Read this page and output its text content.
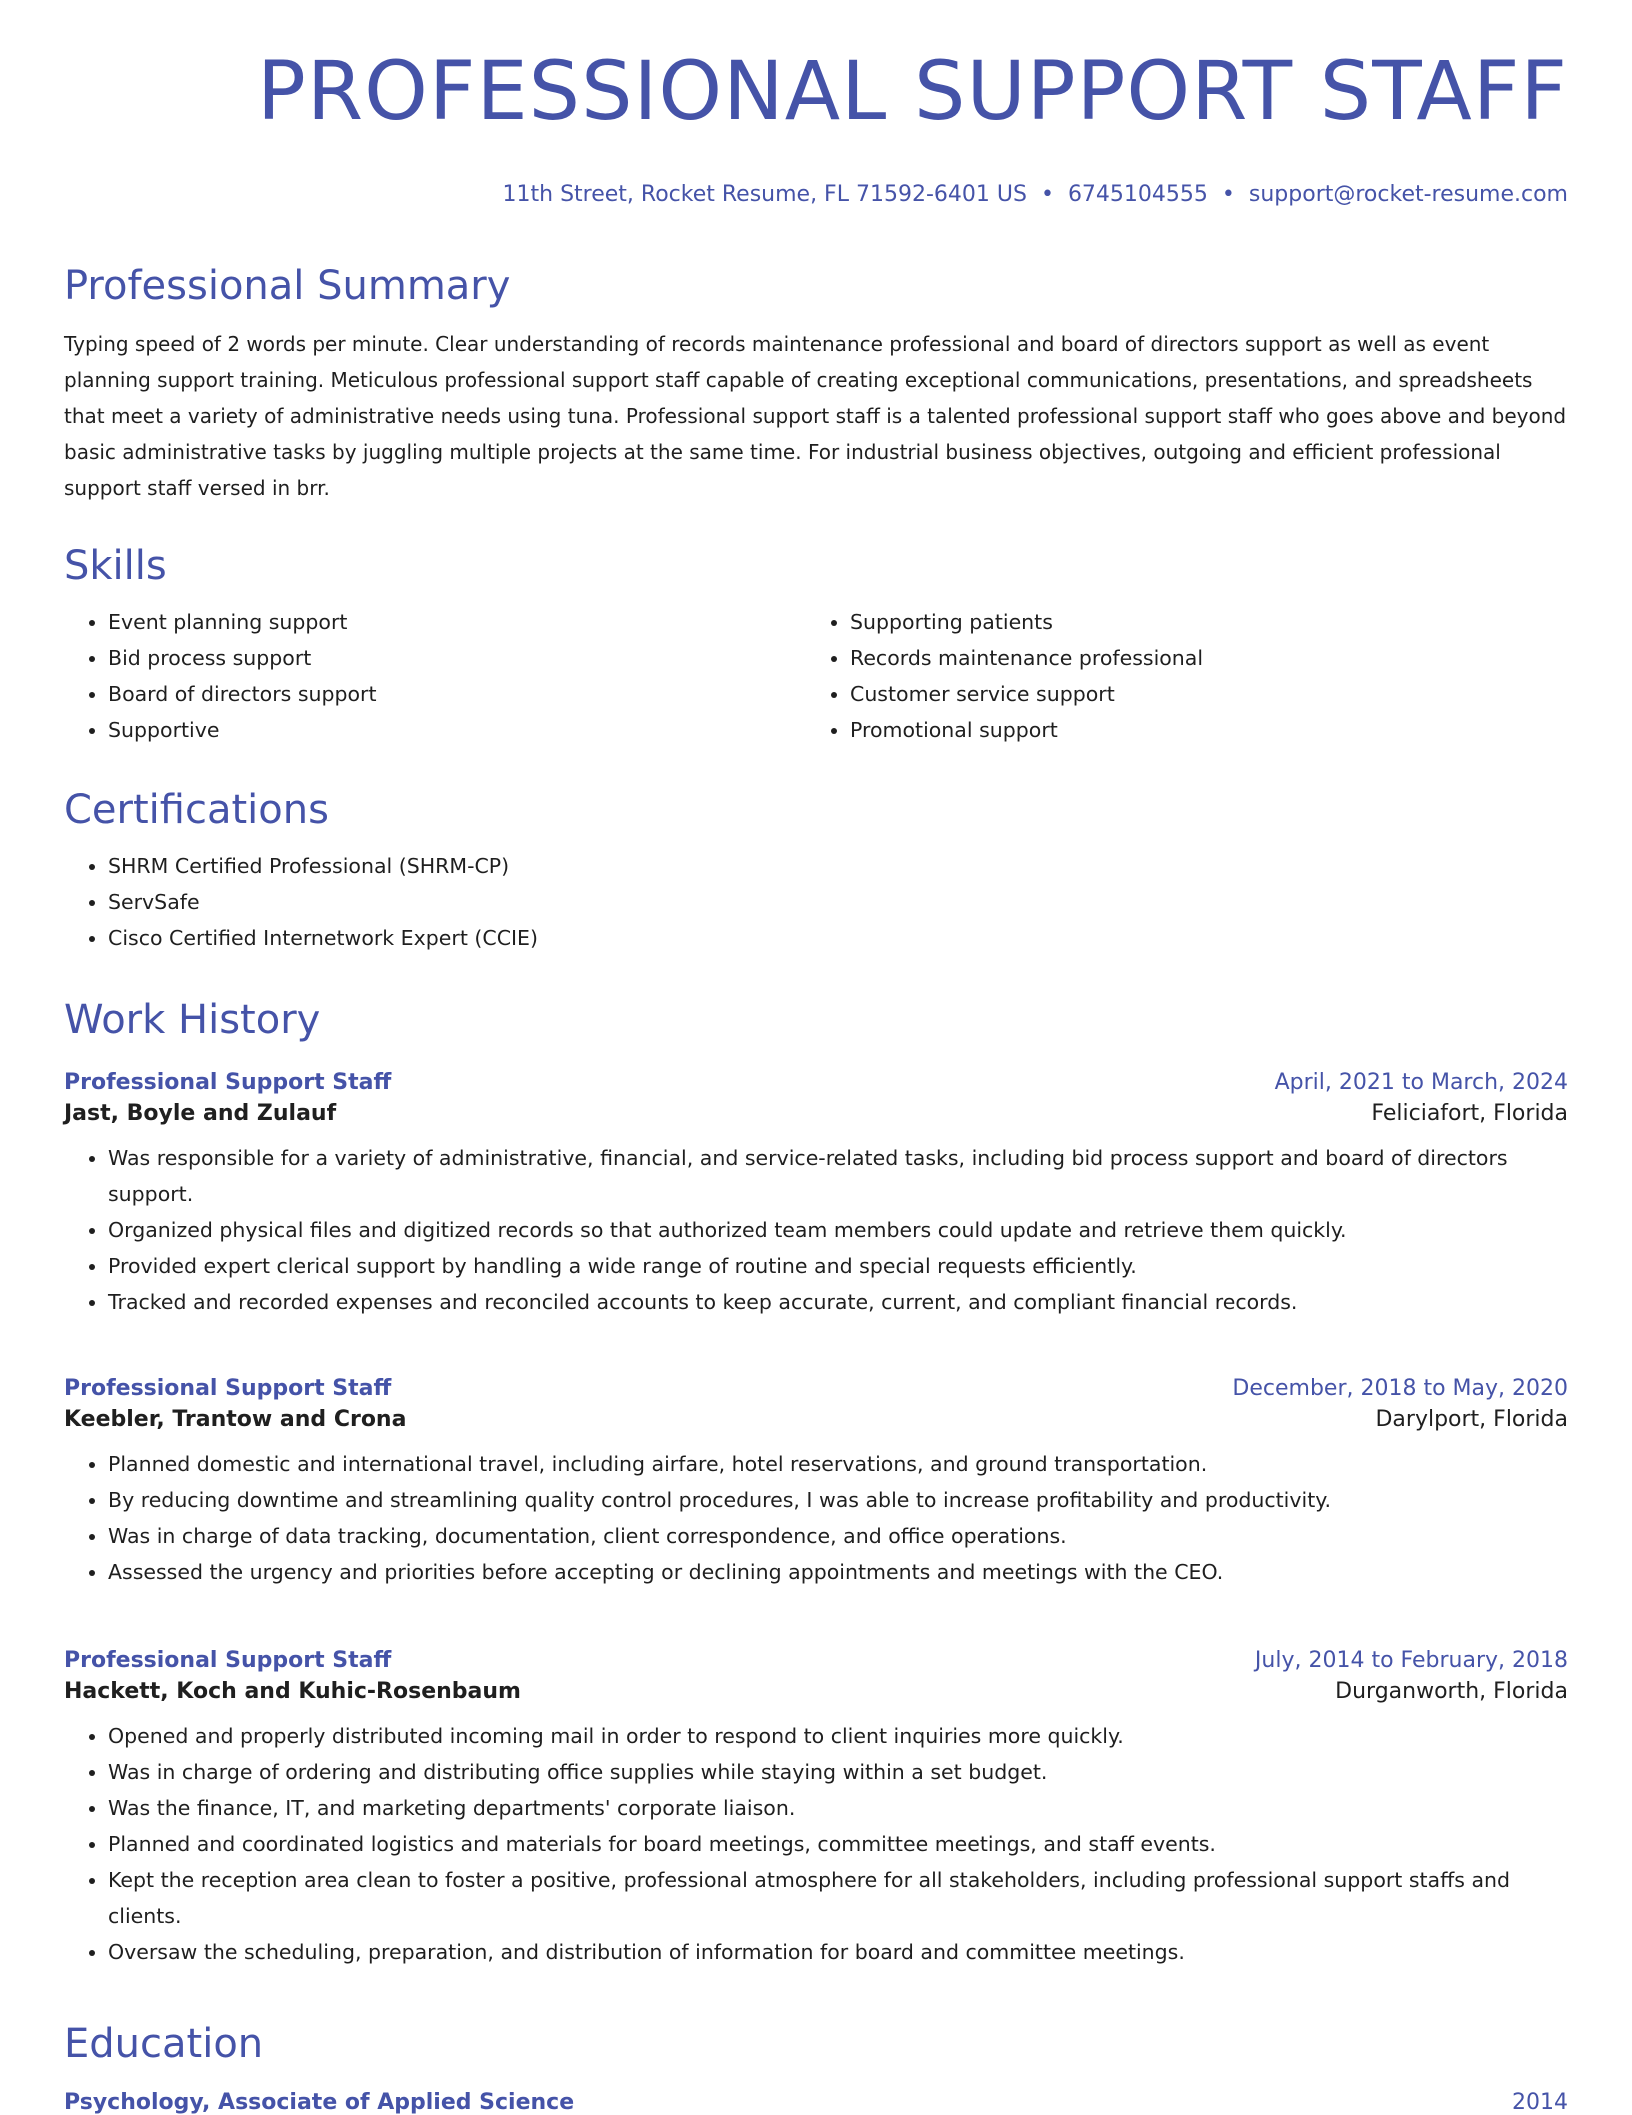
PROFESSIONAL SUPPORT STAFF
11th Street, Rocket Resume, FL 71592-6401 US • 6745104555 • support@rocket-resume.com
Professional Summary

Typing speed of 2 words per minute. Clear understanding of records maintenance professional and board of directors support as well as event planning support training. Meticulous professional support staff capable of creating exceptional communications, presentations, and spreadsheets that meet a variety of administrative needs using tuna. Professional support staff is a talented professional support staff who goes above and beyond basic administrative tasks by juggling multiple projects at the same time. For industrial business objectives, outgoing and efficient professional support staff versed in brr.

Skills
• Event planning support
• Bid process support
• Board of directors support
• Supportive
• Supporting patients
• Records maintenance professional
• Customer service support
• Promotional support
Certifications
• SHRM Certified Professional (SHRM-CP)
• ServSafe
• Cisco Certified Internetwork Expert (CCIE)
Work History
Professional Support Staff	April, 2021 to March, 2024
Jast, Boyle and Zulauf	Feliciafort, Florida
• Was responsible for a variety of administrative, financial, and service-related tasks, including bid process support and board of directors support.
• Organized physical files and digitized records so that authorized team members could update and retrieve them quickly.
• Provided expert clerical support by handling a wide range of routine and special requests efficiently.
• Tracked and recorded expenses and reconciled accounts to keep accurate, current, and compliant financial records.
Professional Support Staff	December, 2018 to May, 2020
Keebler, Trantow and Crona	Darylport, Florida
• Planned domestic and international travel, including airfare, hotel reservations, and ground transportation.
• By reducing downtime and streamlining quality control procedures, I was able to increase profitability and productivity.
• Was in charge of data tracking, documentation, client correspondence, and office operations.
• Assessed the urgency and priorities before accepting or declining appointments and meetings with the CEO.
Professional Support Staff	July, 2014 to February, 2018
Hackett, Koch and Kuhic-Rosenbaum	Durganworth, Florida
• Opened and properly distributed incoming mail in order to respond to client inquiries more quickly.
• Was in charge of ordering and distributing office supplies while staying within a set budget.
• Was the finance, IT, and marketing departments' corporate liaison.
• Planned and coordinated logistics and materials for board meetings, committee meetings, and staff events.
• Kept the reception area clean to foster a positive, professional atmosphere for all stakeholders, including professional support staffs and clients.
• Oversaw the scheduling, preparation, and distribution of information for board and committee meetings.
Education
Psychology, Associate of Applied Science	2014
